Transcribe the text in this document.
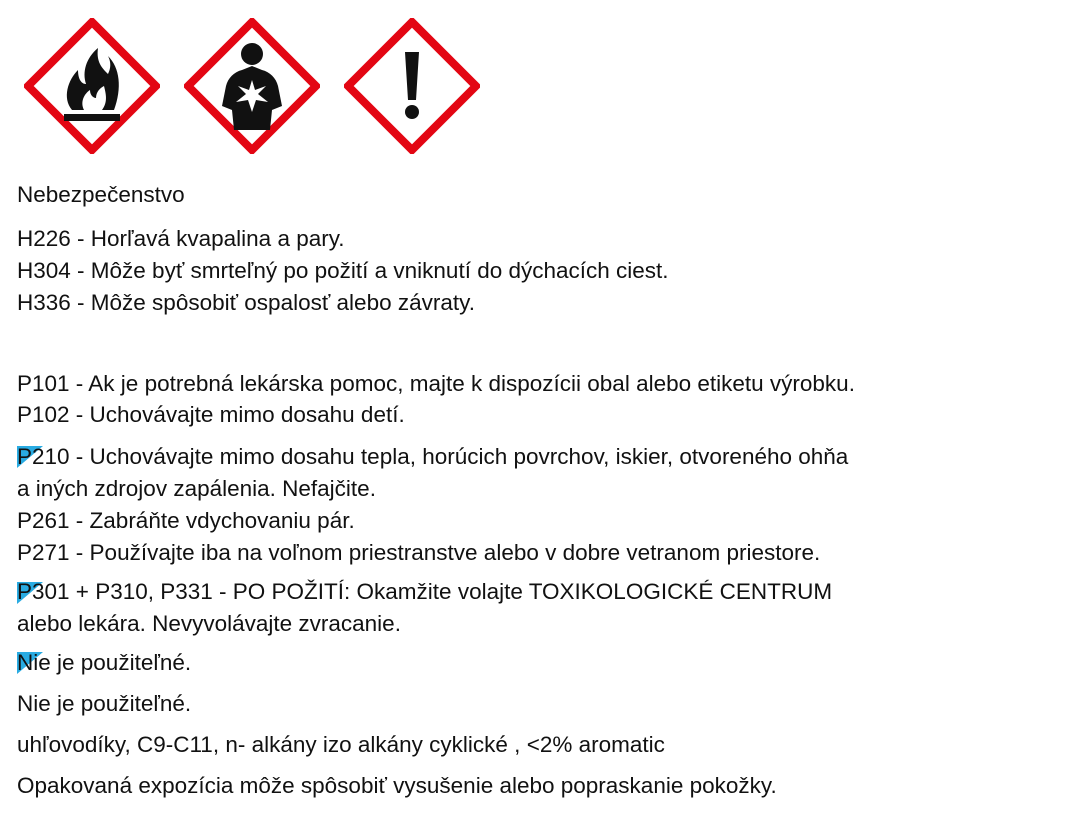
Nebezpečenstvo
H226 - Horľavá kvapalina a pary.
H304 - Môže byť smrteľný po požití a vniknutí do dýchacích ciest.
H336 - Môže spôsobiť ospalosť alebo závraty.
P101 - Ak je potrebná lekárska pomoc, majte k dispozícii obal alebo etiketu výrobku.
P102 - Uchovávajte mimo dosahu detí.
P210 - Uchovávajte mimo dosahu tepla, horúcich povrchov, iskier, otvoreného ohňa
a iných zdrojov zapálenia. Nefajčite.
P261 - Zabráňte vdychovaniu pár.
P271 - Používajte iba na voľnom priestranstve alebo v dobre vetranom priestore.
P301 + P310, P331 - PO POŽITÍ: Okamžite volajte TOXIKOLOGICKÉ CENTRUM
alebo lekára. Nevyvolávajte zvracanie.
Nie je použiteľné.
Nie je použiteľné.
uhľovodíky, C9-C11, n- alkány izo alkány cyklické , <2% aromatic
Opakovaná expozícia môže spôsobiť vysušenie alebo popraskanie pokožky.
